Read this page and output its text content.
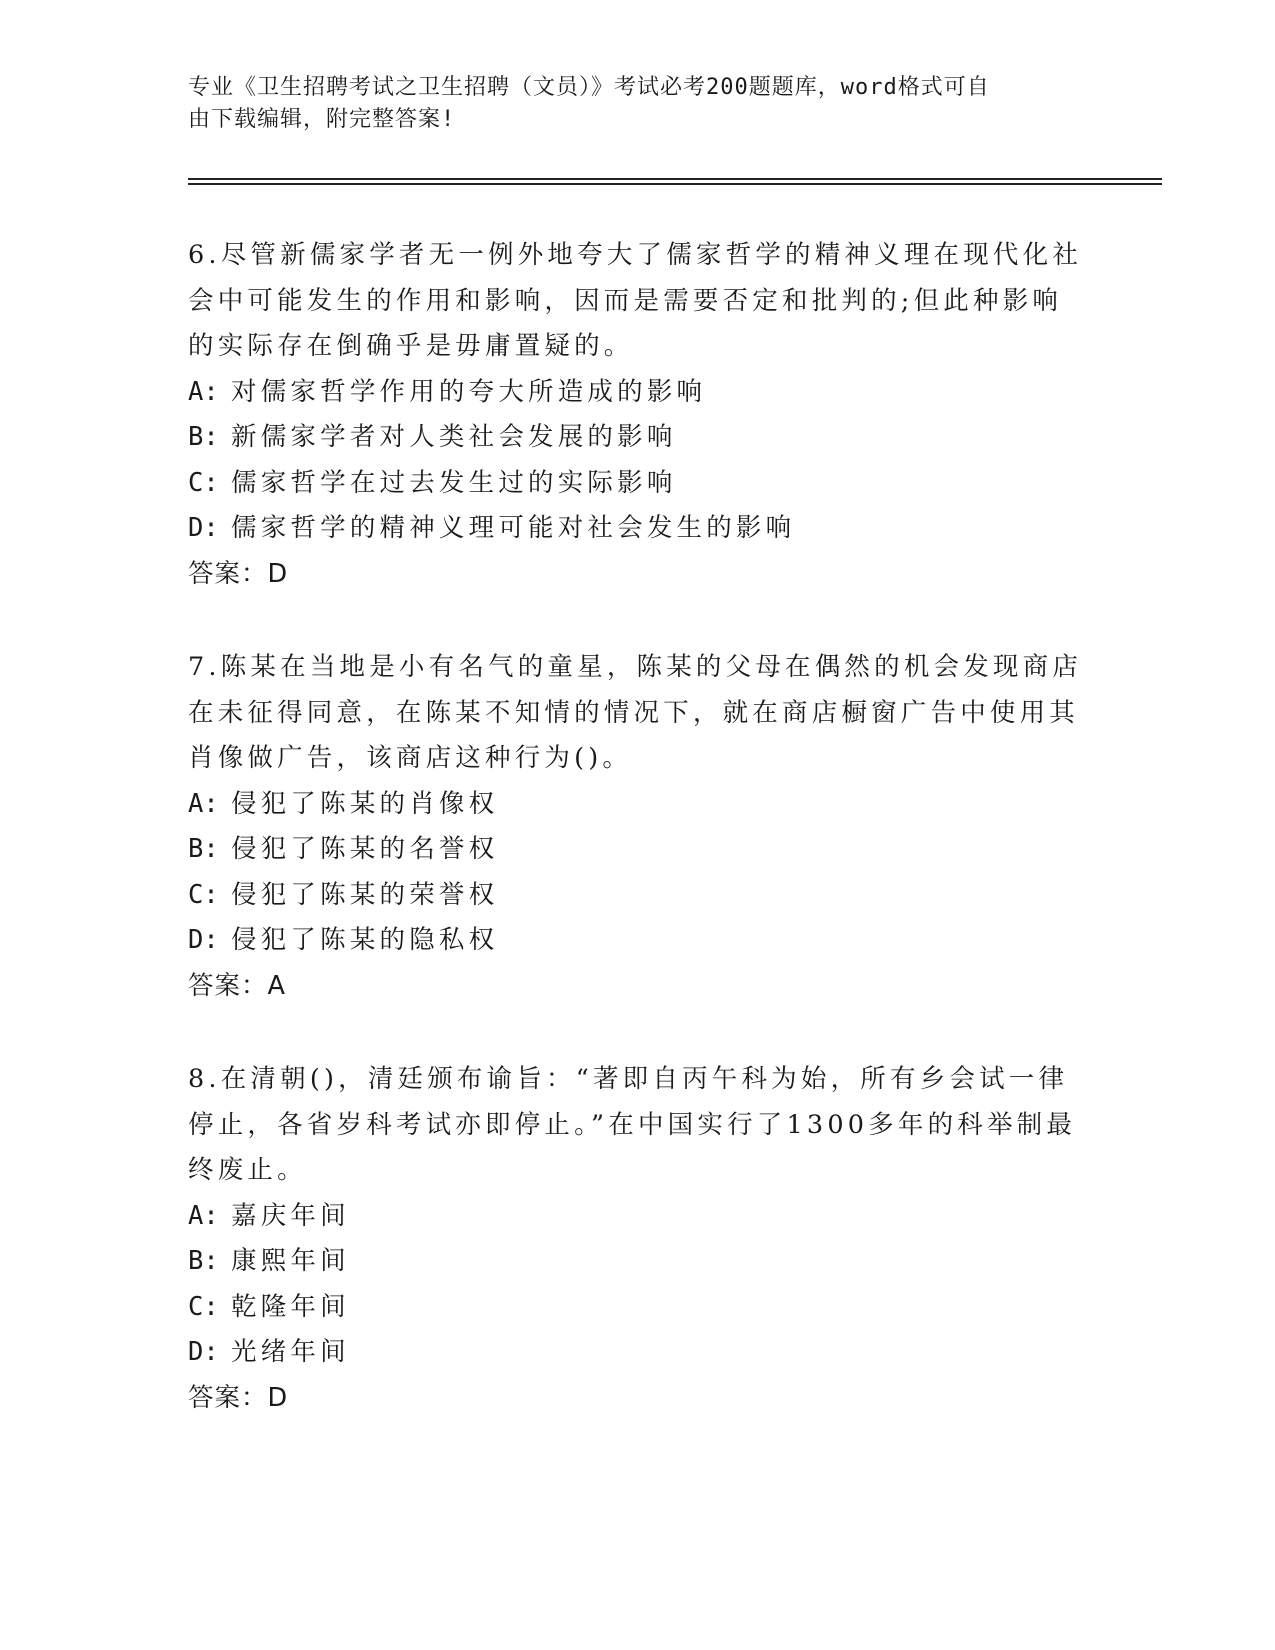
专业《卫生招聘考试之卫生招聘（文员）》考试必考200题题库，word格式可自
由下载编辑，附完整答案!
6.尽管新儒家学者无一例外地夸大了儒家哲学的精神义理在现代化社会中可能发生的作用和影响，因而是需要否定和批判的;但此种影响的实际存在倒确乎是毋庸置疑的。
A: 对儒家哲学作用的夸大所造成的影响
B: 新儒家学者对人类社会发展的影响
C: 儒家哲学在过去发生过的实际影响
D: 儒家哲学的精神义理可能对社会发生的影响
答案：D
7.陈某在当地是小有名气的童星，陈某的父母在偶然的机会发现商店在未征得同意，在陈某不知情的情况下，就在商店橱窗广告中使用其肖像做广告，该商店这种行为()。
A: 侵犯了陈某的肖像权
B: 侵犯了陈某的名誉权
C: 侵犯了陈某的荣誉权
D: 侵犯了陈某的隐私权
答案：A
8.在清朝()，清廷颁布谕旨：“著即自丙午科为始，所有乡会试一律停止，各省岁科考试亦即停止。”在中国实行了1300多年的科举制最终废止。
A: 嘉庆年间
B: 康熙年间
C: 乾隆年间
D: 光绪年间
答案：D
